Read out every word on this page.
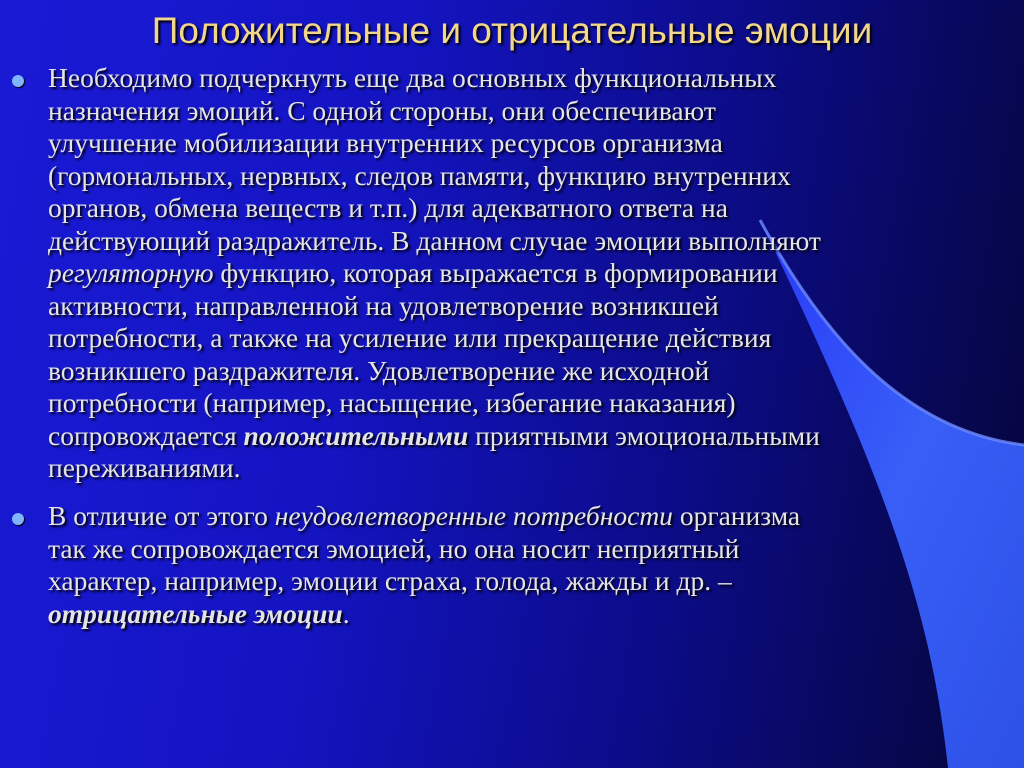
Положительные и отрицательные эмоции
Необходимо подчеркнуть еще два основных функциональных
назначения эмоций. С одной стороны, они обеспечивают
улучшение мобилизации внутренних ресурсов организма
(гормональных, нервных, следов памяти, функцию внутренних
органов, обмена веществ и т.п.) для адекватного ответа на
действующий раздражитель. В данном случае эмоции выполняют
регуляторную функцию, которая выражается в формировании
активности, направленной на удовлетворение возникшей
потребности, а также на усиление или прекращение действия
возникшего раздражителя. Удовлетворение же исходной
потребности (например, насыщение, избегание наказания)
сопровождается положительными приятными эмоциональными
переживаниями.
В отличие от этого неудовлетворенные потребности организма
так же сопровождается эмоцией, но она носит неприятный
характер, например, эмоции страха, голода, жажды и др. –
отрицательные эмоции.
